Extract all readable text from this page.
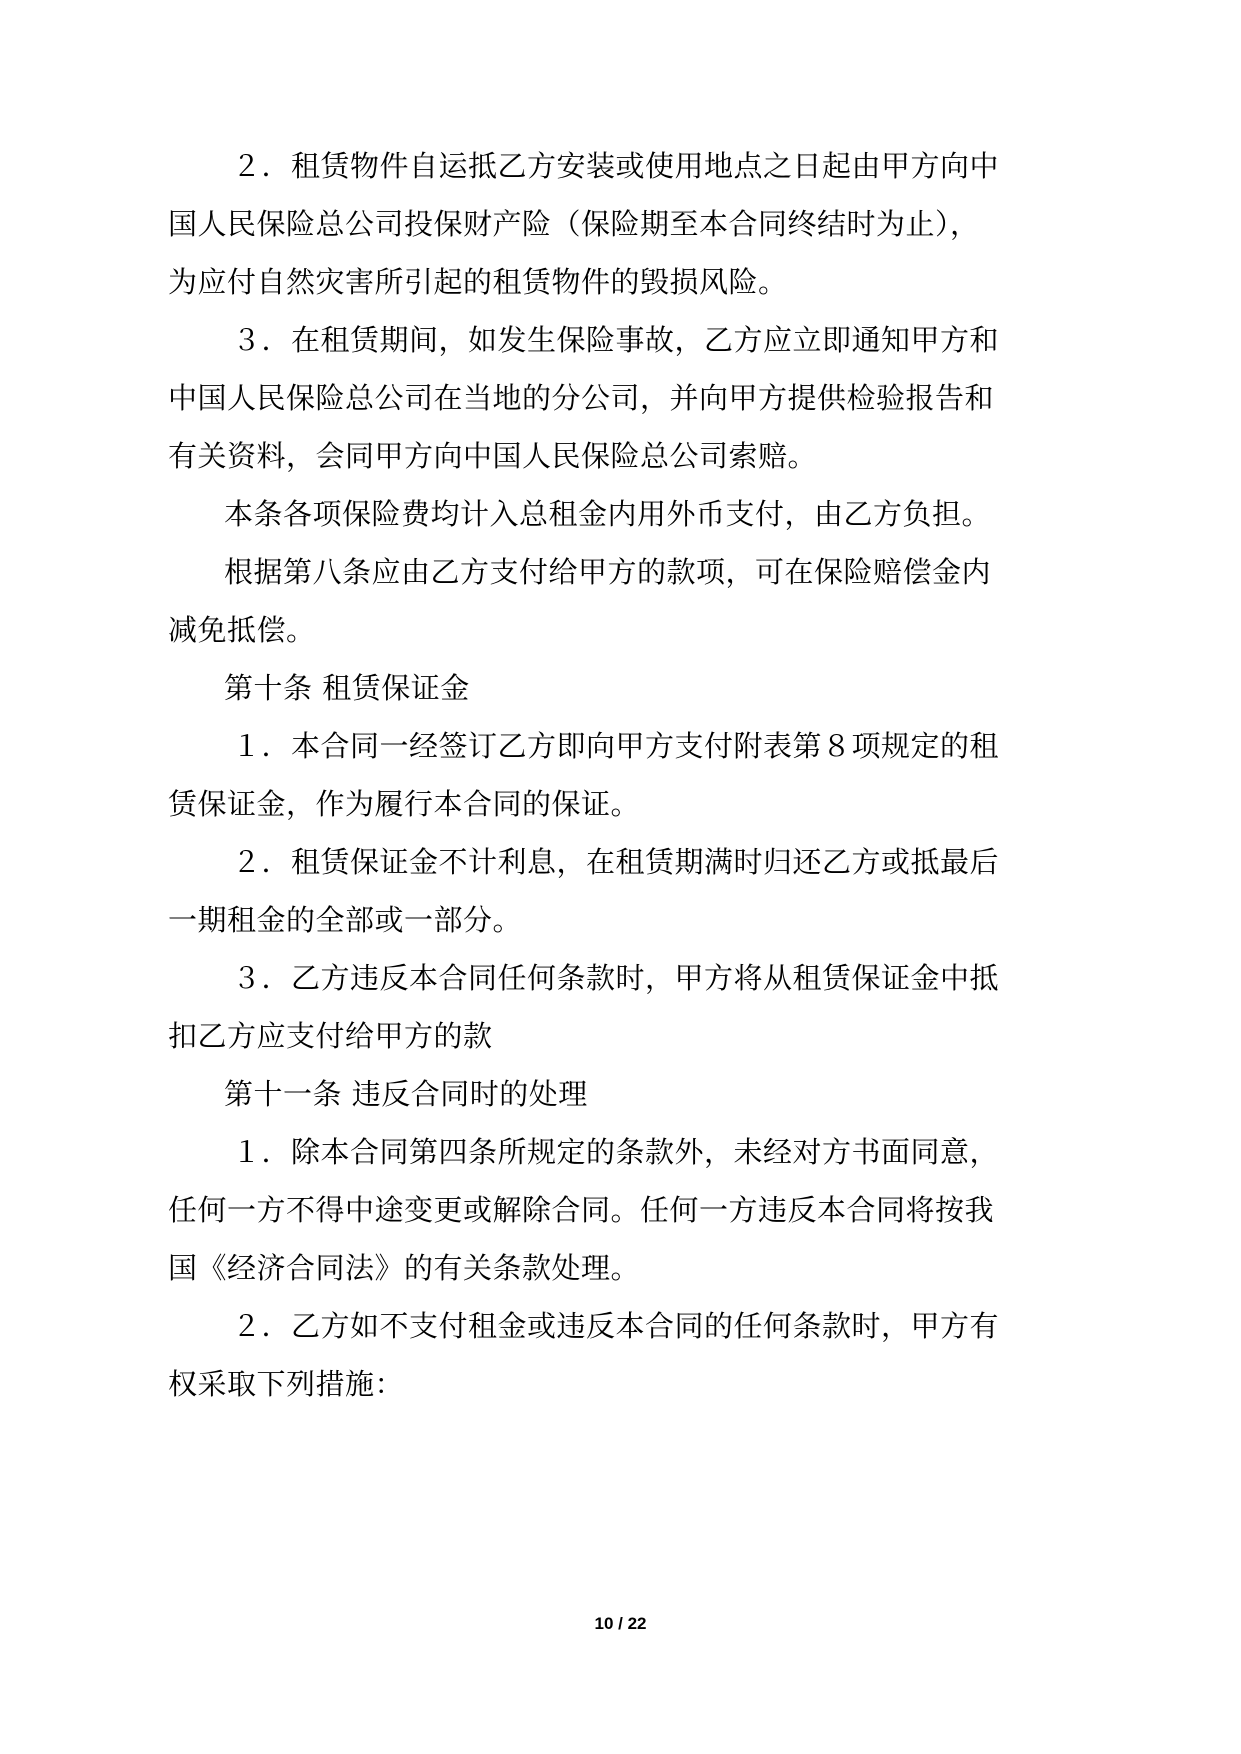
２．租赁物件自运抵乙方安装或使用地点之日起由甲方向中
国人民保险总公司投保财产险（保险期至本合同终结时为止），
为应付自然灾害所引起的租赁物件的毁损风险。
３．在租赁期间，如发生保险事故，乙方应立即通知甲方和
中国人民保险总公司在当地的分公司，并向甲方提供检验报告和
有关资料，会同甲方向中国人民保险总公司索赔。
本条各项保险费均计入总租金内用外币支付，由乙方负担。
根据第八条应由乙方支付给甲方的款项，可在保险赔偿金内
减免抵偿。
第十条 租赁保证金
１．本合同一经签订乙方即向甲方支付附表第８项规定的租
赁保证金，作为履行本合同的保证。
２．租赁保证金不计利息，在租赁期满时归还乙方或抵最后
一期租金的全部或一部分。
３．乙方违反本合同任何条款时，甲方将从租赁保证金中抵
扣乙方应支付给甲方的款
第十一条 违反合同时的处理
１．除本合同第四条所规定的条款外，未经对方书面同意，
任何一方不得中途变更或解除合同。任何一方违反本合同将按我
国《经济合同法》的有关条款处理。
２．乙方如不支付租金或违反本合同的任何条款时，甲方有
权采取下列措施：
10 / 22
